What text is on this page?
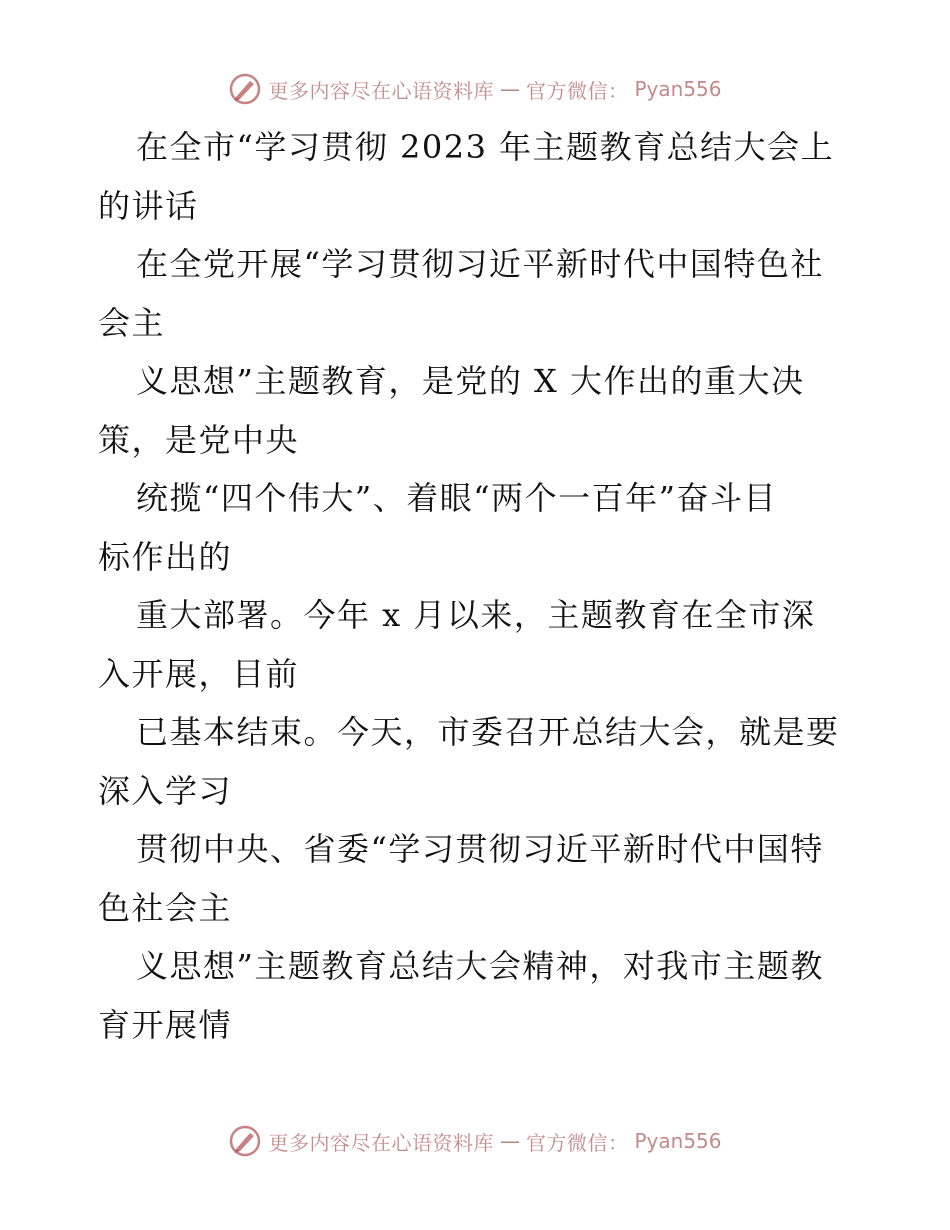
更多内容尽在心语资料库 — 官方微信： Pyan556
在全市“学习贯彻 2023 年主题教育总结大会上
的讲话
在全党开展“学习贯彻习近平新时代中国特色社
会主
义思想”主题教育，是党的 X 大作出的重大决
策，是党中央
统揽“四个伟大”、着眼“两个一百年”奋斗目
标作出的
重大部署。今年 x 月以来，主题教育在全市深
入开展，目前
已基本结束。今天，市委召开总结大会，就是要
深入学习
贯彻中央、省委“学习贯彻习近平新时代中国特
色社会主
义思想”主题教育总结大会精神，对我市主题教
育开展情
更多内容尽在心语资料库 — 官方微信： Pyan556
